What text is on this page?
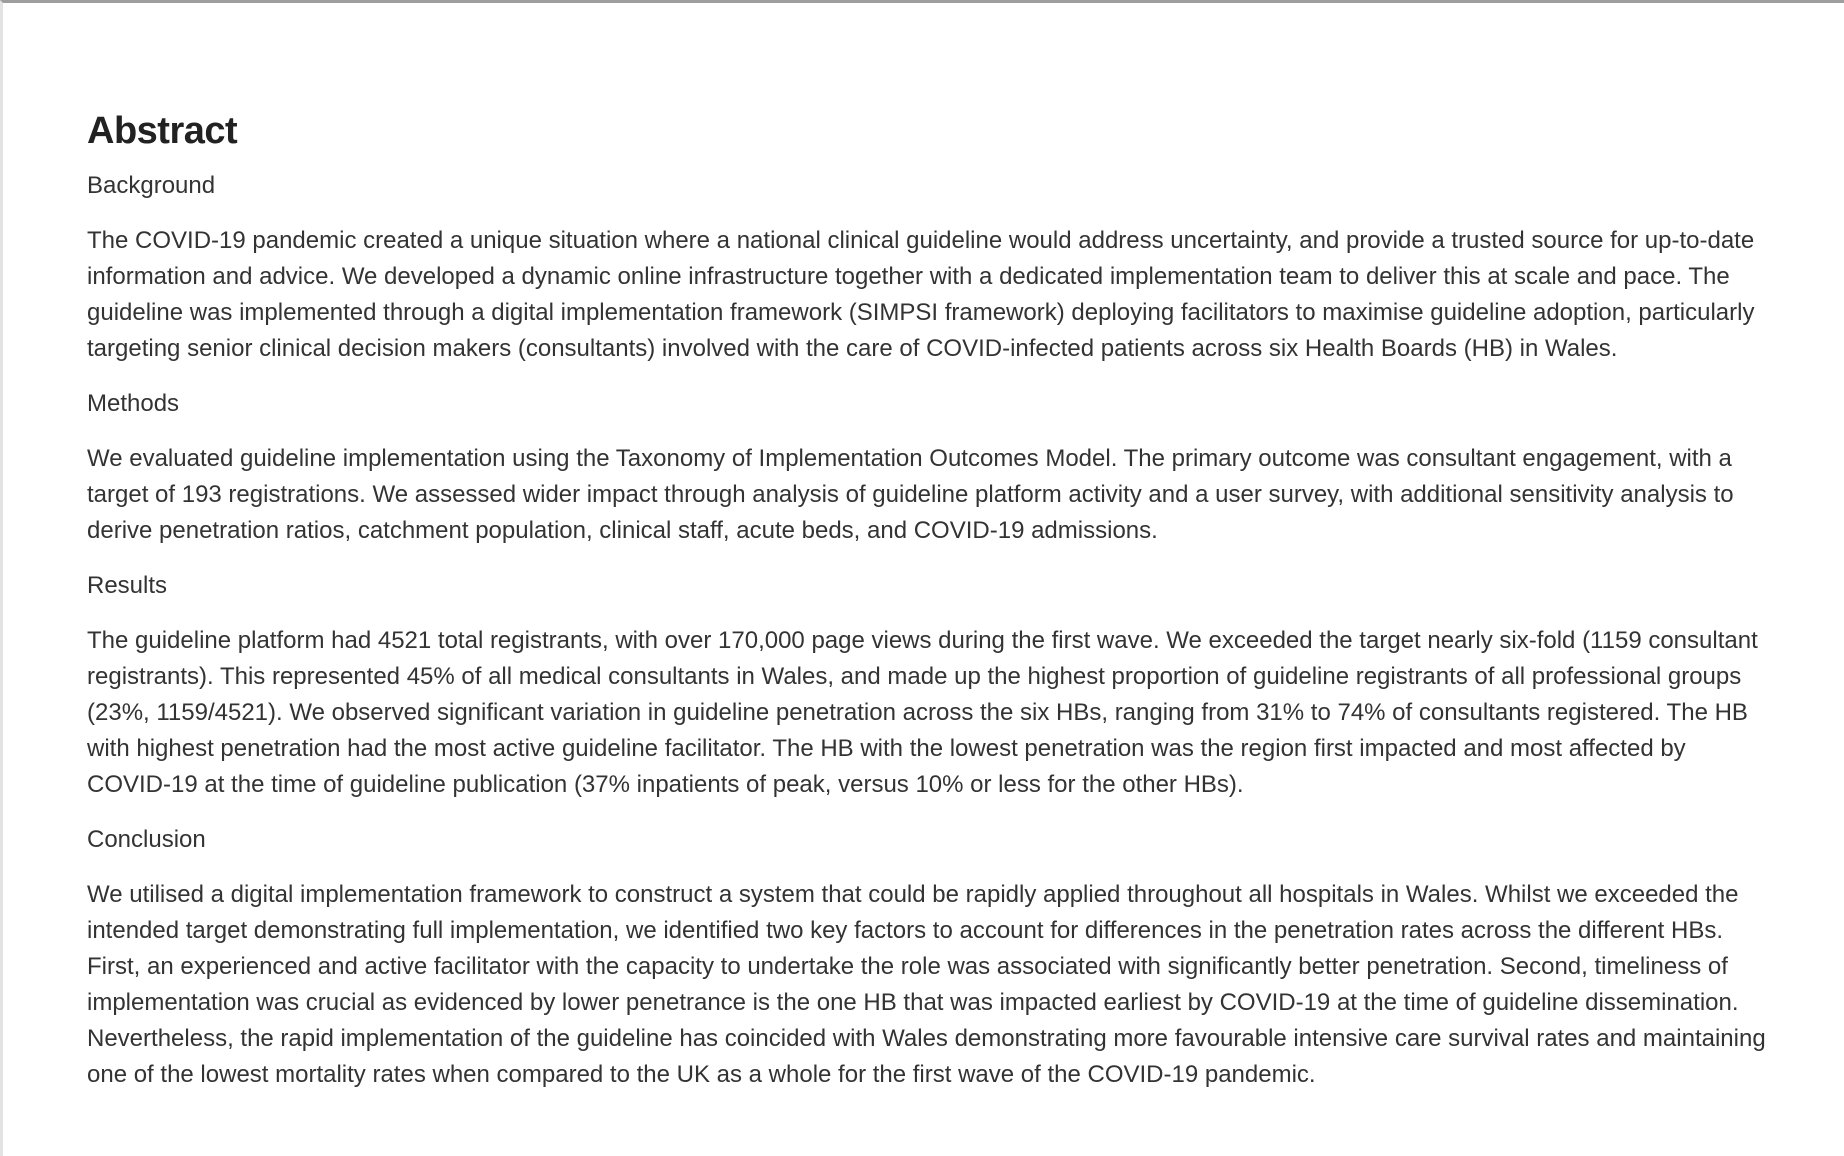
Abstract
Background

The COVID-19 pandemic created a unique situation where a national clinical guideline would address uncertainty, and provide a trusted source for up-to-date information and advice. We developed a dynamic online infrastructure together with a dedicated implementation team to deliver this at scale and pace. The guideline was implemented through a digital implementation framework (SIMPSI framework) deploying facilitators to maximise guideline adoption, particularly targeting senior clinical decision makers (consultants) involved with the care of COVID-infected patients across six Health Boards (HB) in Wales.

Methods

We evaluated guideline implementation using the Taxonomy of Implementation Outcomes Model. The primary outcome was consultant engagement, with a target of 193 registrations. We assessed wider impact through analysis of guideline platform activity and a user survey, with additional sensitivity analysis to derive penetration ratios, catchment population, clinical staff, acute beds, and COVID-19 admissions.

Results

The guideline platform had 4521 total registrants, with over 170,000 page views during the first wave. We exceeded the target nearly six-fold (1159 consultant registrants). This represented 45% of all medical consultants in Wales, and made up the highest proportion of guideline registrants of all professional groups (23%, 1159/4521). We observed significant variation in guideline penetration across the six HBs, ranging from 31% to 74% of consultants registered. The HB with highest penetration had the most active guideline facilitator. The HB with the lowest penetration was the region first impacted and most affected by COVID-19 at the time of guideline publication (37% inpatients of peak, versus 10% or less for the other HBs).

Conclusion

We utilised a digital implementation framework to construct a system that could be rapidly applied throughout all hospitals in Wales. Whilst we exceeded the intended target demonstrating full implementation, we identified two key factors to account for differences in the penetration rates across the different HBs. First, an experienced and active facilitator with the capacity to undertake the role was associated with significantly better penetration. Second, timeliness of implementation was crucial as evidenced by lower penetrance is the one HB that was impacted earliest by COVID-19 at the time of guideline dissemination. Nevertheless, the rapid implementation of the guideline has coincided with Wales demonstrating more favourable intensive care survival rates and maintaining one of the lowest mortality rates when compared to the UK as a whole for the first wave of the COVID-19 pandemic.
